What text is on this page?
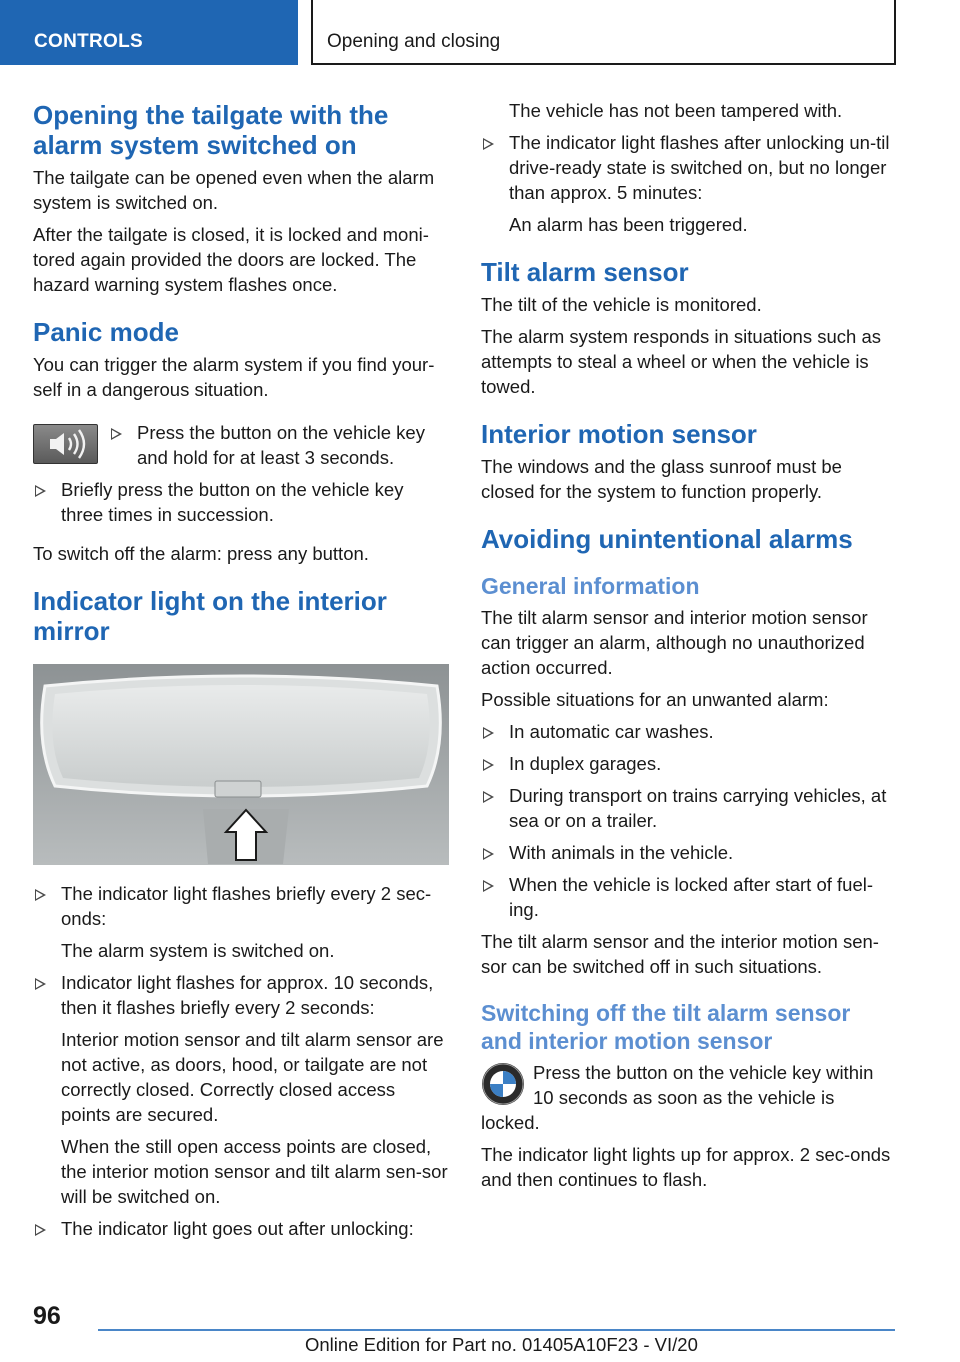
CONTROLS	Opening and closing
Opening the tailgate with the alarm system switched on

The tailgate can be opened even when the alarm system is switched on.

After the tailgate is closed, it is locked and moni-tored again provided the doors are locked. The hazard warning system flashes once.

Panic mode

You can trigger the alarm system if you find your-self in a dangerous situation.

Press the button on the vehicle key and hold for at least 3 seconds.
Briefly press the button on the vehicle key three times in succession.

To switch off the alarm: press any button.

Indicator light on the interior mirror
The indicator light flashes briefly every 2 sec-onds:
The alarm system is switched on.
Indicator light flashes for approx. 10 seconds, then it flashes briefly every 2 seconds:
Interior motion sensor and tilt alarm sensor are not active, as doors, hood, or tailgate are not correctly closed. Correctly closed access points are secured.
When the still open access points are closed, the interior motion sensor and tilt alarm sen-sor will be switched on.
The indicator light goes out after unlocking:
The vehicle has not been tampered with.
The indicator light flashes after unlocking un-til drive-ready state is switched on, but no longer than approx. 5 minutes:
An alarm has been triggered.
Tilt alarm sensor

The tilt of the vehicle is monitored.

The alarm system responds in situations such as attempts to steal a wheel or when the vehicle is towed.

Interior motion sensor

The windows and the glass sunroof must be closed for the system to function properly.

Avoiding unintentional alarms
General information

The tilt alarm sensor and interior motion sensor can trigger an alarm, although no unauthorized action occurred.

Possible situations for an unwanted alarm:

In automatic car washes.
In duplex garages.
During transport on trains carrying vehicles, at sea or on a trailer.
With animals in the vehicle.
When the vehicle is locked after start of fuel-ing.

The tilt alarm sensor and the interior motion sen-sor can be switched off in such situations.

Switching off the tilt alarm sensor and interior motion sensor

Press the button on the vehicle key within 10 seconds as soon as the vehicle is locked.

The indicator light lights up for approx. 2 sec-onds and then continues to flash.

96
Online Edition for Part no. 01405A10F23 - VI/20
